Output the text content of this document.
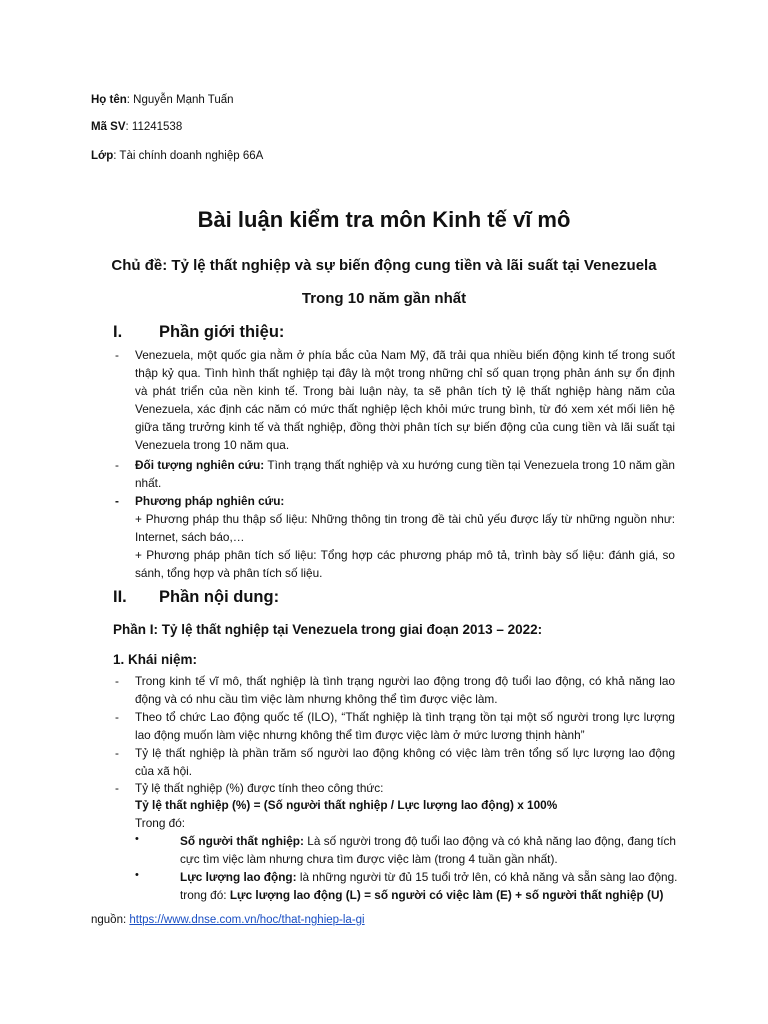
Họ tên: Nguyễn Mạnh Tuấn
Mã SV: 11241538
Lớp: Tài chính doanh nghiệp 66A
Bài luận kiểm tra môn Kinh tế vĩ mô
Chủ đề: Tỷ lệ thất nghiệp và sự biến động cung tiền và lãi suất tại Venezuela
Trong 10 năm gần nhất
I. Phần giới thiệu:
- Venezuela, một quốc gia nằm ở phía bắc của Nam Mỹ, đã trải qua nhiều biến động kinh tế trong suốt thập kỷ qua. Tình hình thất nghiệp tại đây là một trong những chỉ số quan trọng phản ánh sự ổn định và phát triển của nền kinh tế. Trong bài luận này, ta sẽ phân tích tỷ lệ thất nghiệp hàng năm của Venezuela, xác định các năm có mức thất nghiệp lệch khỏi mức trung bình, từ đó xem xét mối liên hệ giữa tăng trưởng kinh tế và thất nghiệp, đồng thời phân tích sự biến động của cung tiền và lãi suất tại Venezuela trong 10 năm qua.
- Đối tượng nghiên cứu: Tình trạng thất nghiệp và xu hướng cung tiền tại Venezuela trong 10 năm gần nhất.
- Phương pháp nghiên cứu:
+ Phương pháp thu thập số liệu: Những thông tin trong đề tài chủ yếu được lấy từ những nguồn như: Internet, sách báo,…
+ Phương pháp phân tích số liệu: Tổng hợp các phương pháp mô tả, trình bày số liệu: đánh giá, so sánh, tổng hợp và phân tích số liệu.
II. Phần nội dung:
Phần I: Tỷ lệ thất nghiệp tại Venezuela trong giai đoạn 2013 – 2022:
1. Khái niệm:
- Trong kinh tế vĩ mô, thất nghiệp là tình trạng người lao động trong độ tuổi lao động, có khả năng lao động và có nhu cầu tìm việc làm nhưng không thể tìm được việc làm.
- Theo tổ chức Lao động quốc tế (ILO), “Thất nghiệp là tình trạng tồn tại một số người trong lực lượng lao động muốn làm việc nhưng không thể tìm được việc làm ở mức lương thịnh hành”
- Tỷ lệ thất nghiệp là phần trăm số người lao động không có việc làm trên tổng số lực lượng lao động của xã hội.
- Tỷ lệ thất nghiệp (%) được tính theo công thức:
Tỷ lệ thất nghiệp (%) = (Số người thất nghiệp / Lực lượng lao động) x 100%
Trong đó:
•	Số người thất nghiệp: Là số người trong độ tuổi lao động và có khả năng lao động, đang tích cực tìm việc làm nhưng chưa tìm được việc làm (trong 4 tuần gần nhất).
•	Lực lượng lao động: là những người từ đủ 15 tuổi trở lên, có khả năng và sẵn sàng lao động.
trong đó: Lực lượng lao động (L) = số người có việc làm (E) + số người thất nghiệp (U)
nguồn: https://www.dnse.com.vn/hoc/that-nghiep-la-gi
